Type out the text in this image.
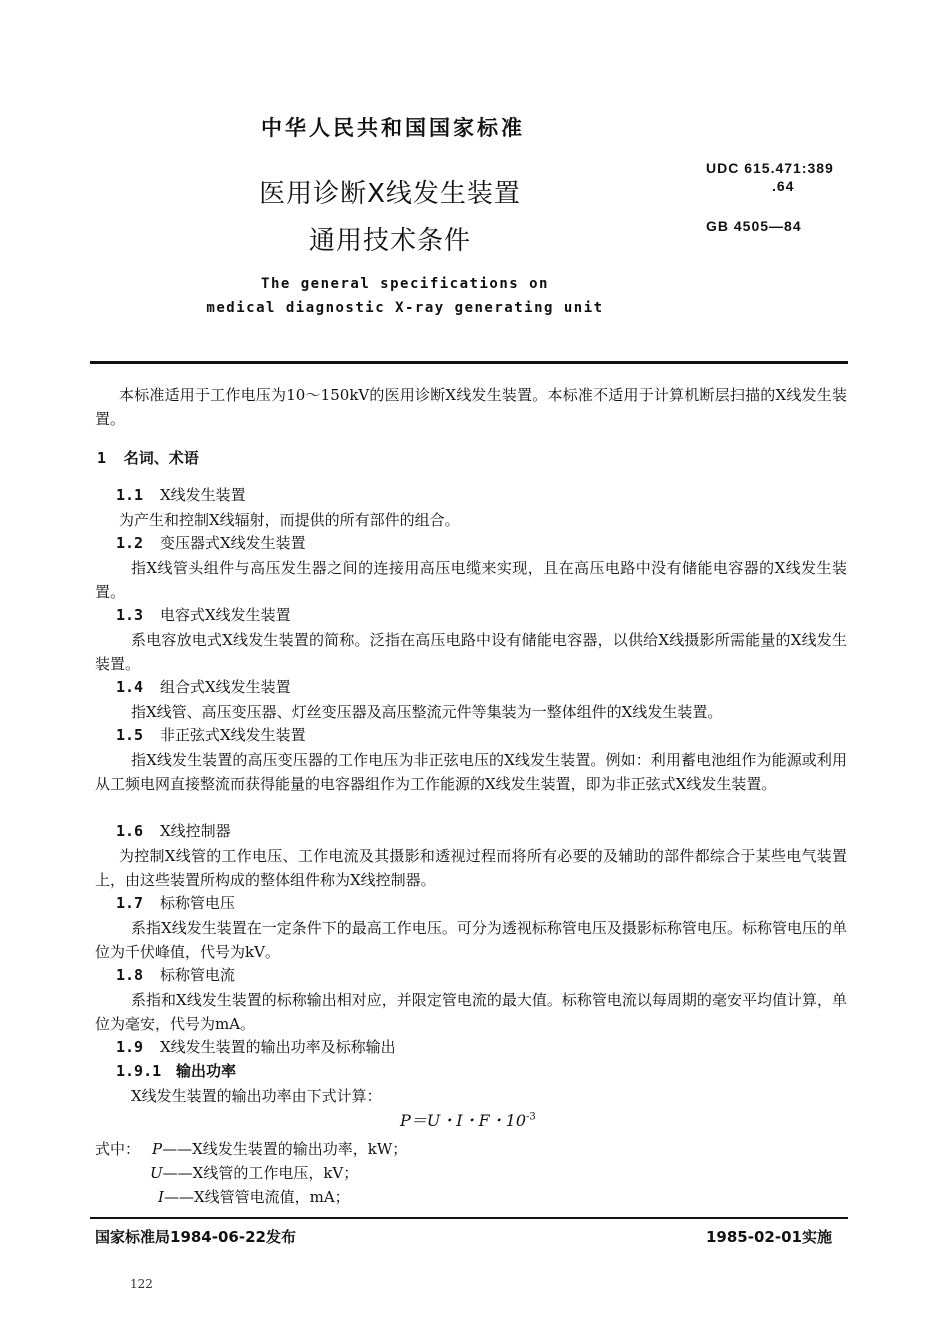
中华人民共和国国家标准
UDC 615.471:389
.64
GB 4505—84
医用诊断X线发生装置
通用技术条件
The general specifications on
medical diagnostic X-ray generating unit
本标准适用于工作电压为10～150kV的医用诊断X线发生装置。本标准不适用于计算机断层扫描的X线发生装置。
1 名词、术语
1.1 X线发生装置
为产生和控制X线辐射，而提供的所有部件的组合。
1.2 变压器式X线发生装置
指X线管头组件与高压发生器之间的连接用高压电缆来实现，且在高压电路中没有储能电容器的X线发生装置。
1.3 电容式X线发生装置
系电容放电式X线发生装置的简称。泛指在高压电路中设有储能电容器，以供给X线摄影所需能量的X线发生装置。
1.4 组合式X线发生装置
指X线管、高压变压器、灯丝变压器及高压整流元件等集装为一整体组件的X线发生装置。
1.5 非正弦式X线发生装置
指X线发生装置的高压变压器的工作电压为非正弦电压的X线发生装置。例如：利用蓄电池组作为能源或利用从工频电网直接整流而获得能量的电容器组作为工作能源的X线发生装置，即为非正弦式X线发生装置。
1.6 X线控制器
为控制X线管的工作电压、工作电流及其摄影和透视过程而将所有必要的及辅助的部件都综合于某些电气装置上，由这些装置所构成的整体组件称为X线控制器。
1.7 标称管电压
系指X线发生装置在一定条件下的最高工作电压。可分为透视标称管电压及摄影标称管电压。标称管电压的单位为千伏峰值，代号为kV。
1.8 标称管电流
系指和X线发生装置的标称输出相对应，并限定管电流的最大值。标称管电流以每周期的毫安平均值计算，单位为毫安，代号为mA。
1.9 X线发生装置的输出功率及标称输出
1.9.1 输出功率
X线发生装置的输出功率由下式计算：
P＝U・I・F・$10^{-3}$
式中： P——X线发生装置的输出功率，kW；
U——X线管的工作电压，kV；
I——X线管管电流值，mA；
国家标准局1984-06-22发布	1985-02-01实施
122
